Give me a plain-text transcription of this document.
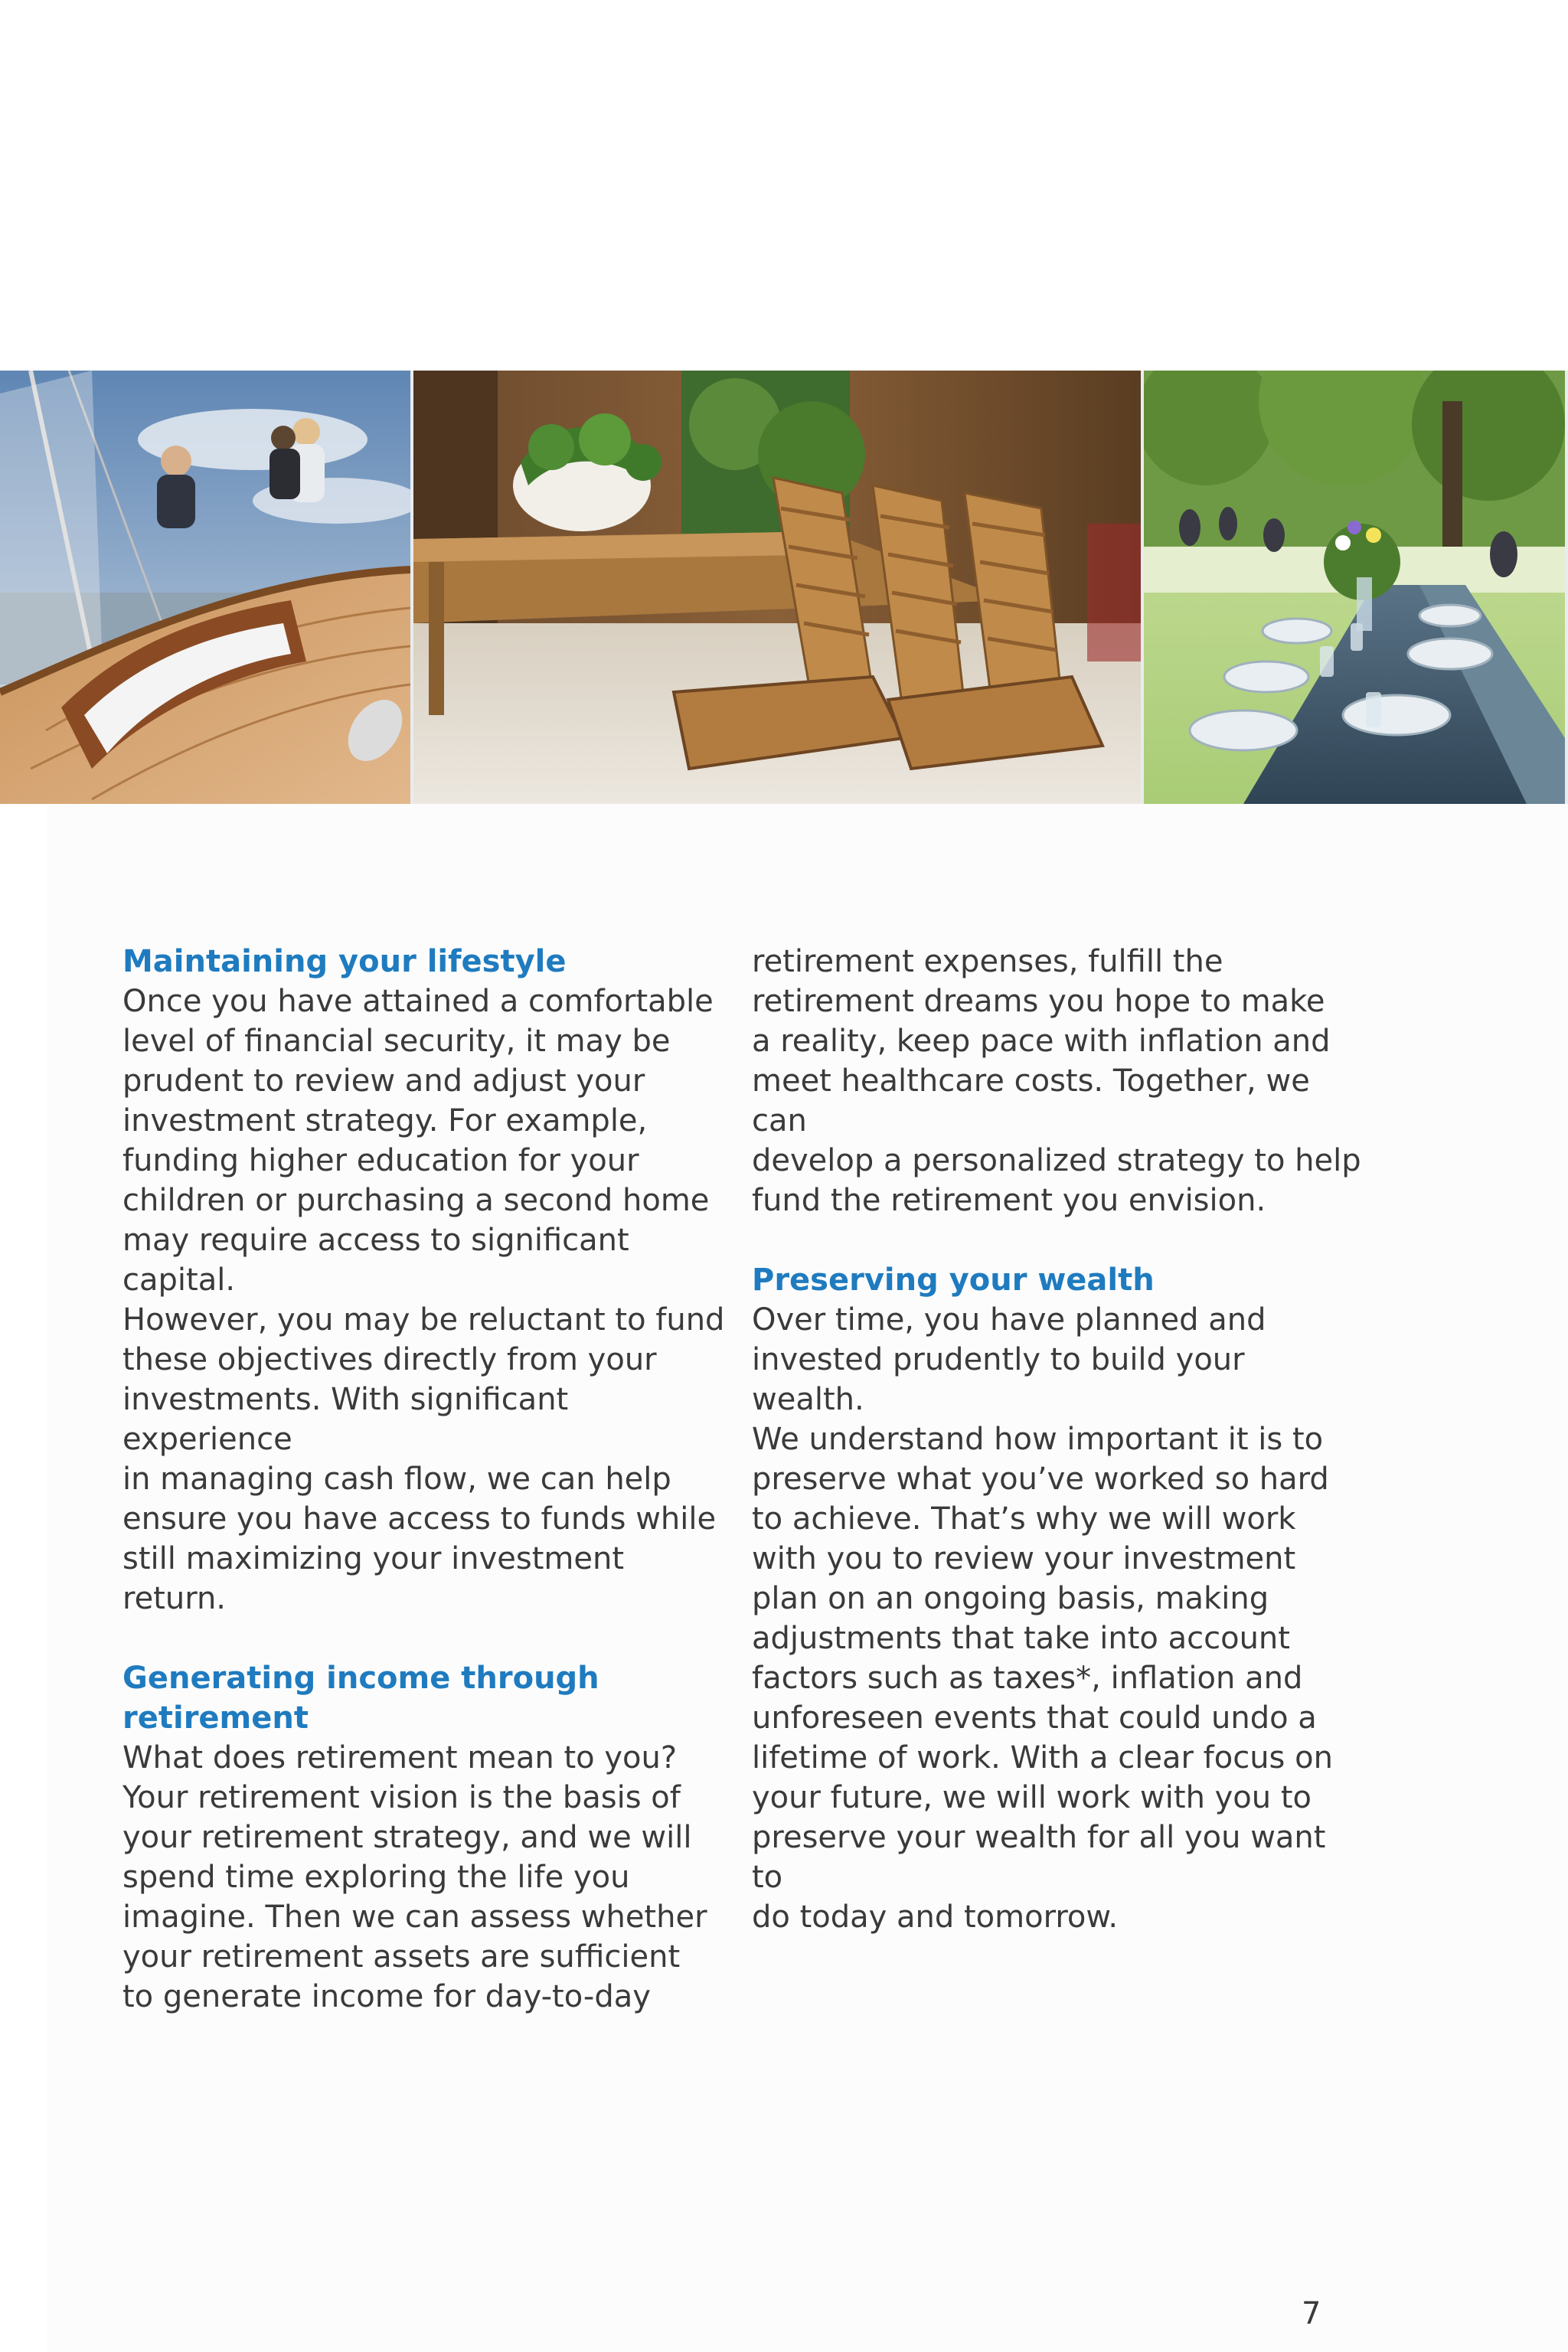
Maintaining your lifestyle

Once you have attained a comfortable
level of financial security, it may be
prudent to review and adjust your
investment strategy. For example,
funding higher education for your
children or purchasing a second home
may require access to significant capital.
However, you may be reluctant to fund
these objectives directly from your
investments. With significant experience
in managing cash flow, we can help
ensure you have access to funds while
still maximizing your investment return.

Generating income through
retirement

What does retirement mean to you?
Your retirement vision is the basis of
your retirement strategy, and we will
spend time exploring the life you
imagine. Then we can assess whether
your retirement assets are sufficient
to generate income for day-to-day

retirement expenses, fulfill the
retirement dreams you hope to make
a reality, keep pace with inflation and
meet healthcare costs. Together, we can
develop a personalized strategy to help
fund the retirement you envision.

Preserving your wealth

Over time, you have planned and
invested prudently to build your wealth.
We understand how important it is to
preserve what you’ve worked so hard
to achieve. That’s why we will work
with you to review your investment
plan on an ongoing basis, making
adjustments that take into account
factors such as taxes*, inflation and
unforeseen events that could undo a
lifetime of work. With a clear focus on
your future, we will work with you to
preserve your wealth for all you want to
do today and tomorrow.

7
